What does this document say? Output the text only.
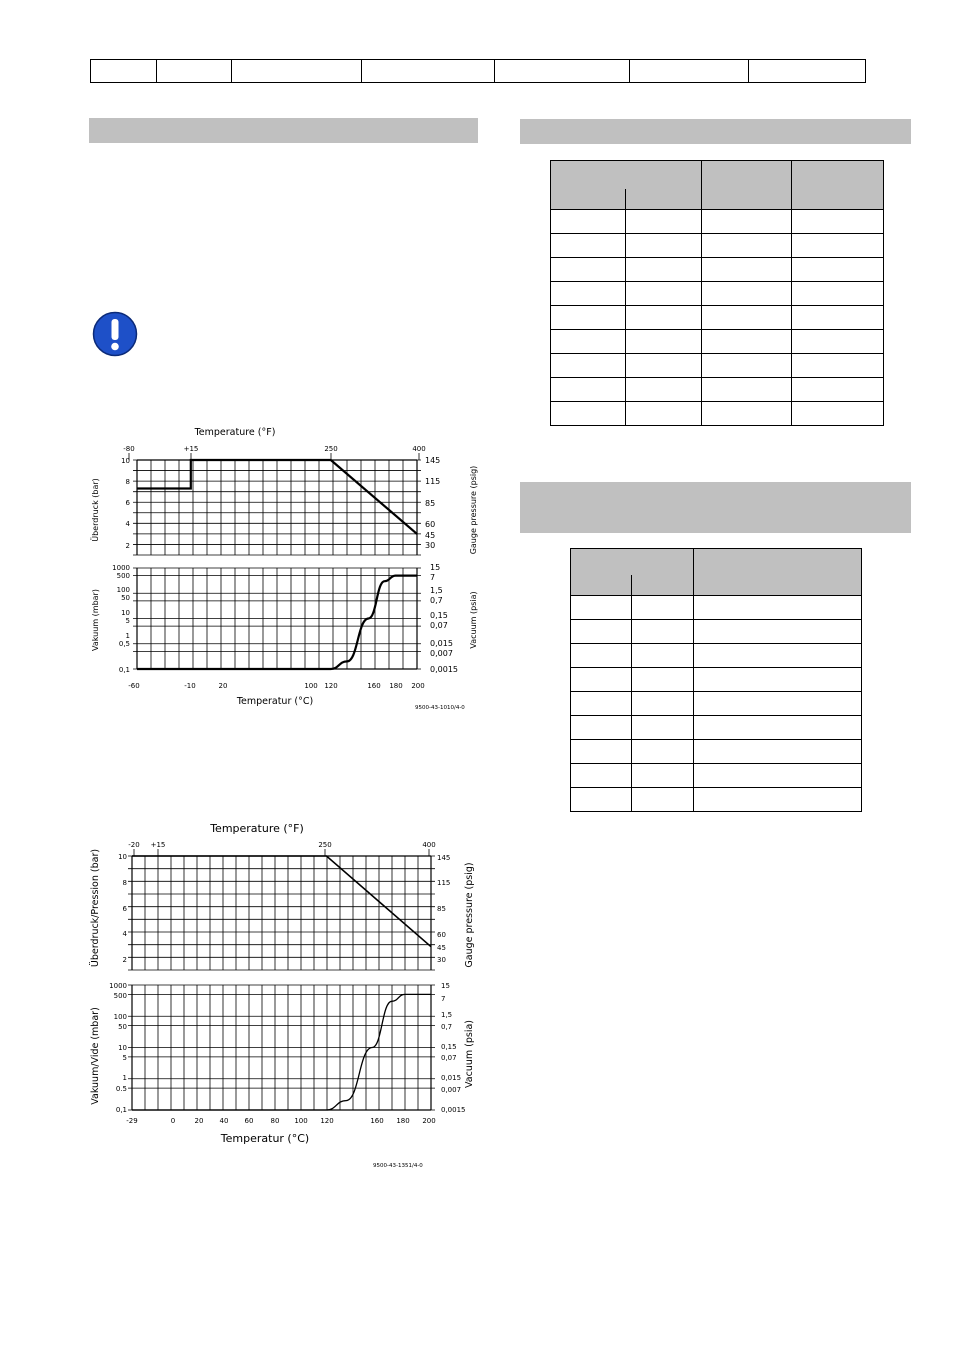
Temperature (°F)
-80	+15	250	400
Überdruck (bar)	Gauge pressure (psig)
Vakuum (mbar)	Vacuum (psia)
10
8
6
4
2
1000
500
100
50
10
5
1
0,5
0,1
145
115
85
60
45
30
15
7
1,5
0,7
0,15
0,07
0,015
0,007
0,0015
-60	-10	20	100 120	160 180 200
Temperatur (°C)
9500-43-1010/4-0
Temperature (°F)
-20 +15	250	400
Überdruck/Pression (bar)	Gauge pressure (psig)
Vakuum/Vide (mbar)	Vacuum (psia)
10
8
6
4
2
1000
500
100
50
10
5
1
0.5
0,1
145
115
85
60
45
30
15
7
1,5
0,7
0,15
0,07
0,015
0,007
0,0015
-29	0	20 40 60 80 100 120	160 180 200
Temperatur (°C)
9500-43-1351/4-0
